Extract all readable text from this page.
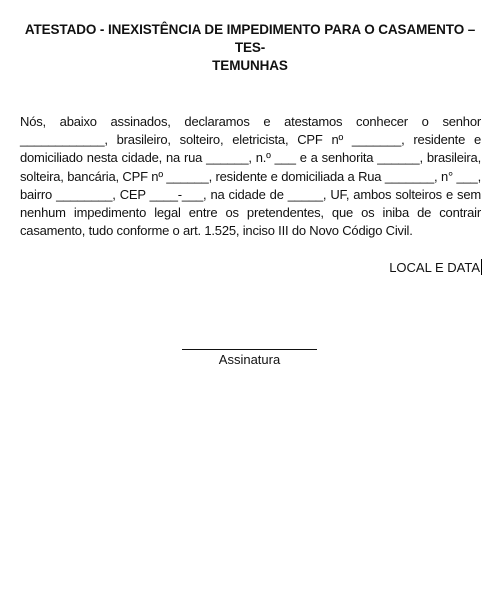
ATESTADO - INEXISTÊNCIA DE IMPEDIMENTO PARA O CASAMENTO – TES-
TEMUNHAS
Nós, abaixo assinados, declaramos e atestamos conhecer o senhor ____________, brasileiro, solteiro, eletricista, CPF nº _______, residente e domiciliado nesta cidade, na rua ______, n.º ___ e a senhorita ______, brasileira, solteira, bancária, CPF nº ______, residente e domiciliada a Rua _______, n° ___, bairro ________, CEP ____-___, na cidade de _____, UF, ambos solteiros e sem nenhum impedimento legal entre os pretendentes, que os iniba de contrair casamento, tudo conforme o art. 1.525, inciso III do Novo Código Civil.
LOCAL E DATA
Assinatura
